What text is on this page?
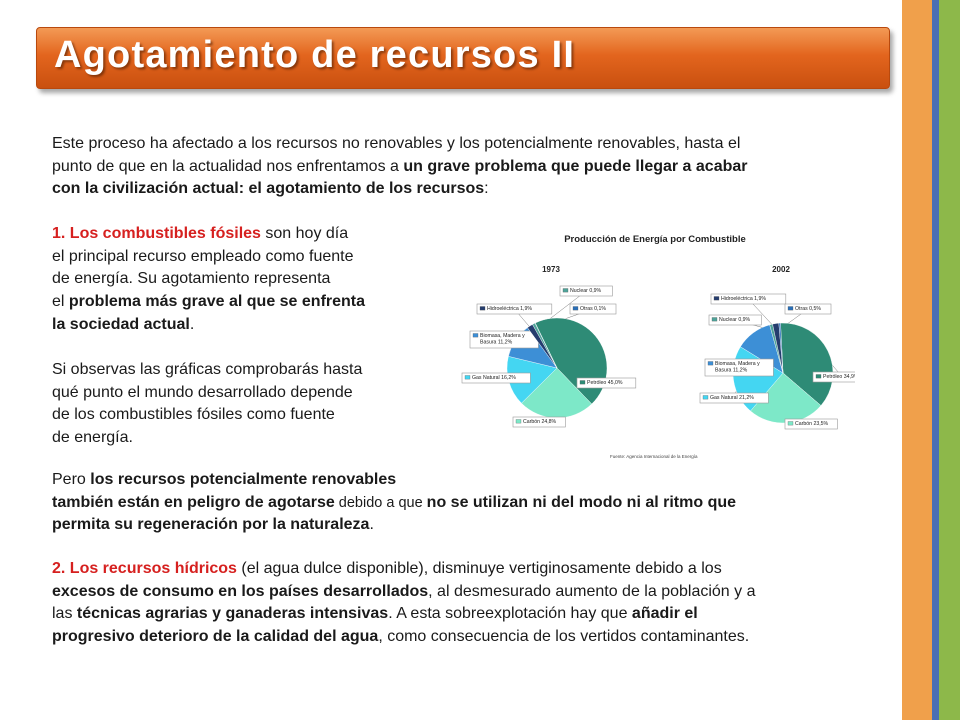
Agotamiento de recursos II
Este proceso ha afectado a los recursos no renovables y los potencialmente renovables, hasta el
punto de que en la actualidad nos enfrentamos a un grave problema que puede llegar a acabar
con la civilización actual: el agotamiento de los recursos:
1. Los combustibles fósiles son hoy día
el principal recurso empleado como fuente
de energía. Su agotamiento representa
el problema más grave al que se enfrenta
la sociedad actual.
Si observas las gráficas comprobarás hasta
qué punto el mundo desarrollado depende
de los combustibles fósiles como fuente
de energía.
Pero los recursos potencialmente renovables
también están en peligro de agotarse debido a que no se utilizan ni del modo ni al ritmo que
permita su regeneración por la naturaleza.
2. Los recursos hídricos (el agua dulce disponible), disminuye vertiginosamente debido a los
excesos de consumo en los países desarrollados, al desmesurado aumento de la población y a
las técnicas agrarias y ganaderas intensivas. A esta sobreexplotación hay que añadir el
progresivo deterioro de la calidad del agua, como consecuencia de los vertidos contaminantes.
Producción de Energía por Combustible
1973	2002
Petróleo 45,0%
Carbón 24,8%
Gas Natural 16,2%
Biomasa, Madera y
Basura 11,2%
Hidroeléctrica 1,9%
Nuclear 0,9%
Otras 0,1%
Petróleo 34,9%
Carbón 23,5%
Gas Natural 21,2%
Biomasa, Madera y
Basura 11,2%
Nuclear 0,9%
Hidroeléctrica 1,9%
Otras 0,5%
Fuente: Agencia Internacional de la Energía
